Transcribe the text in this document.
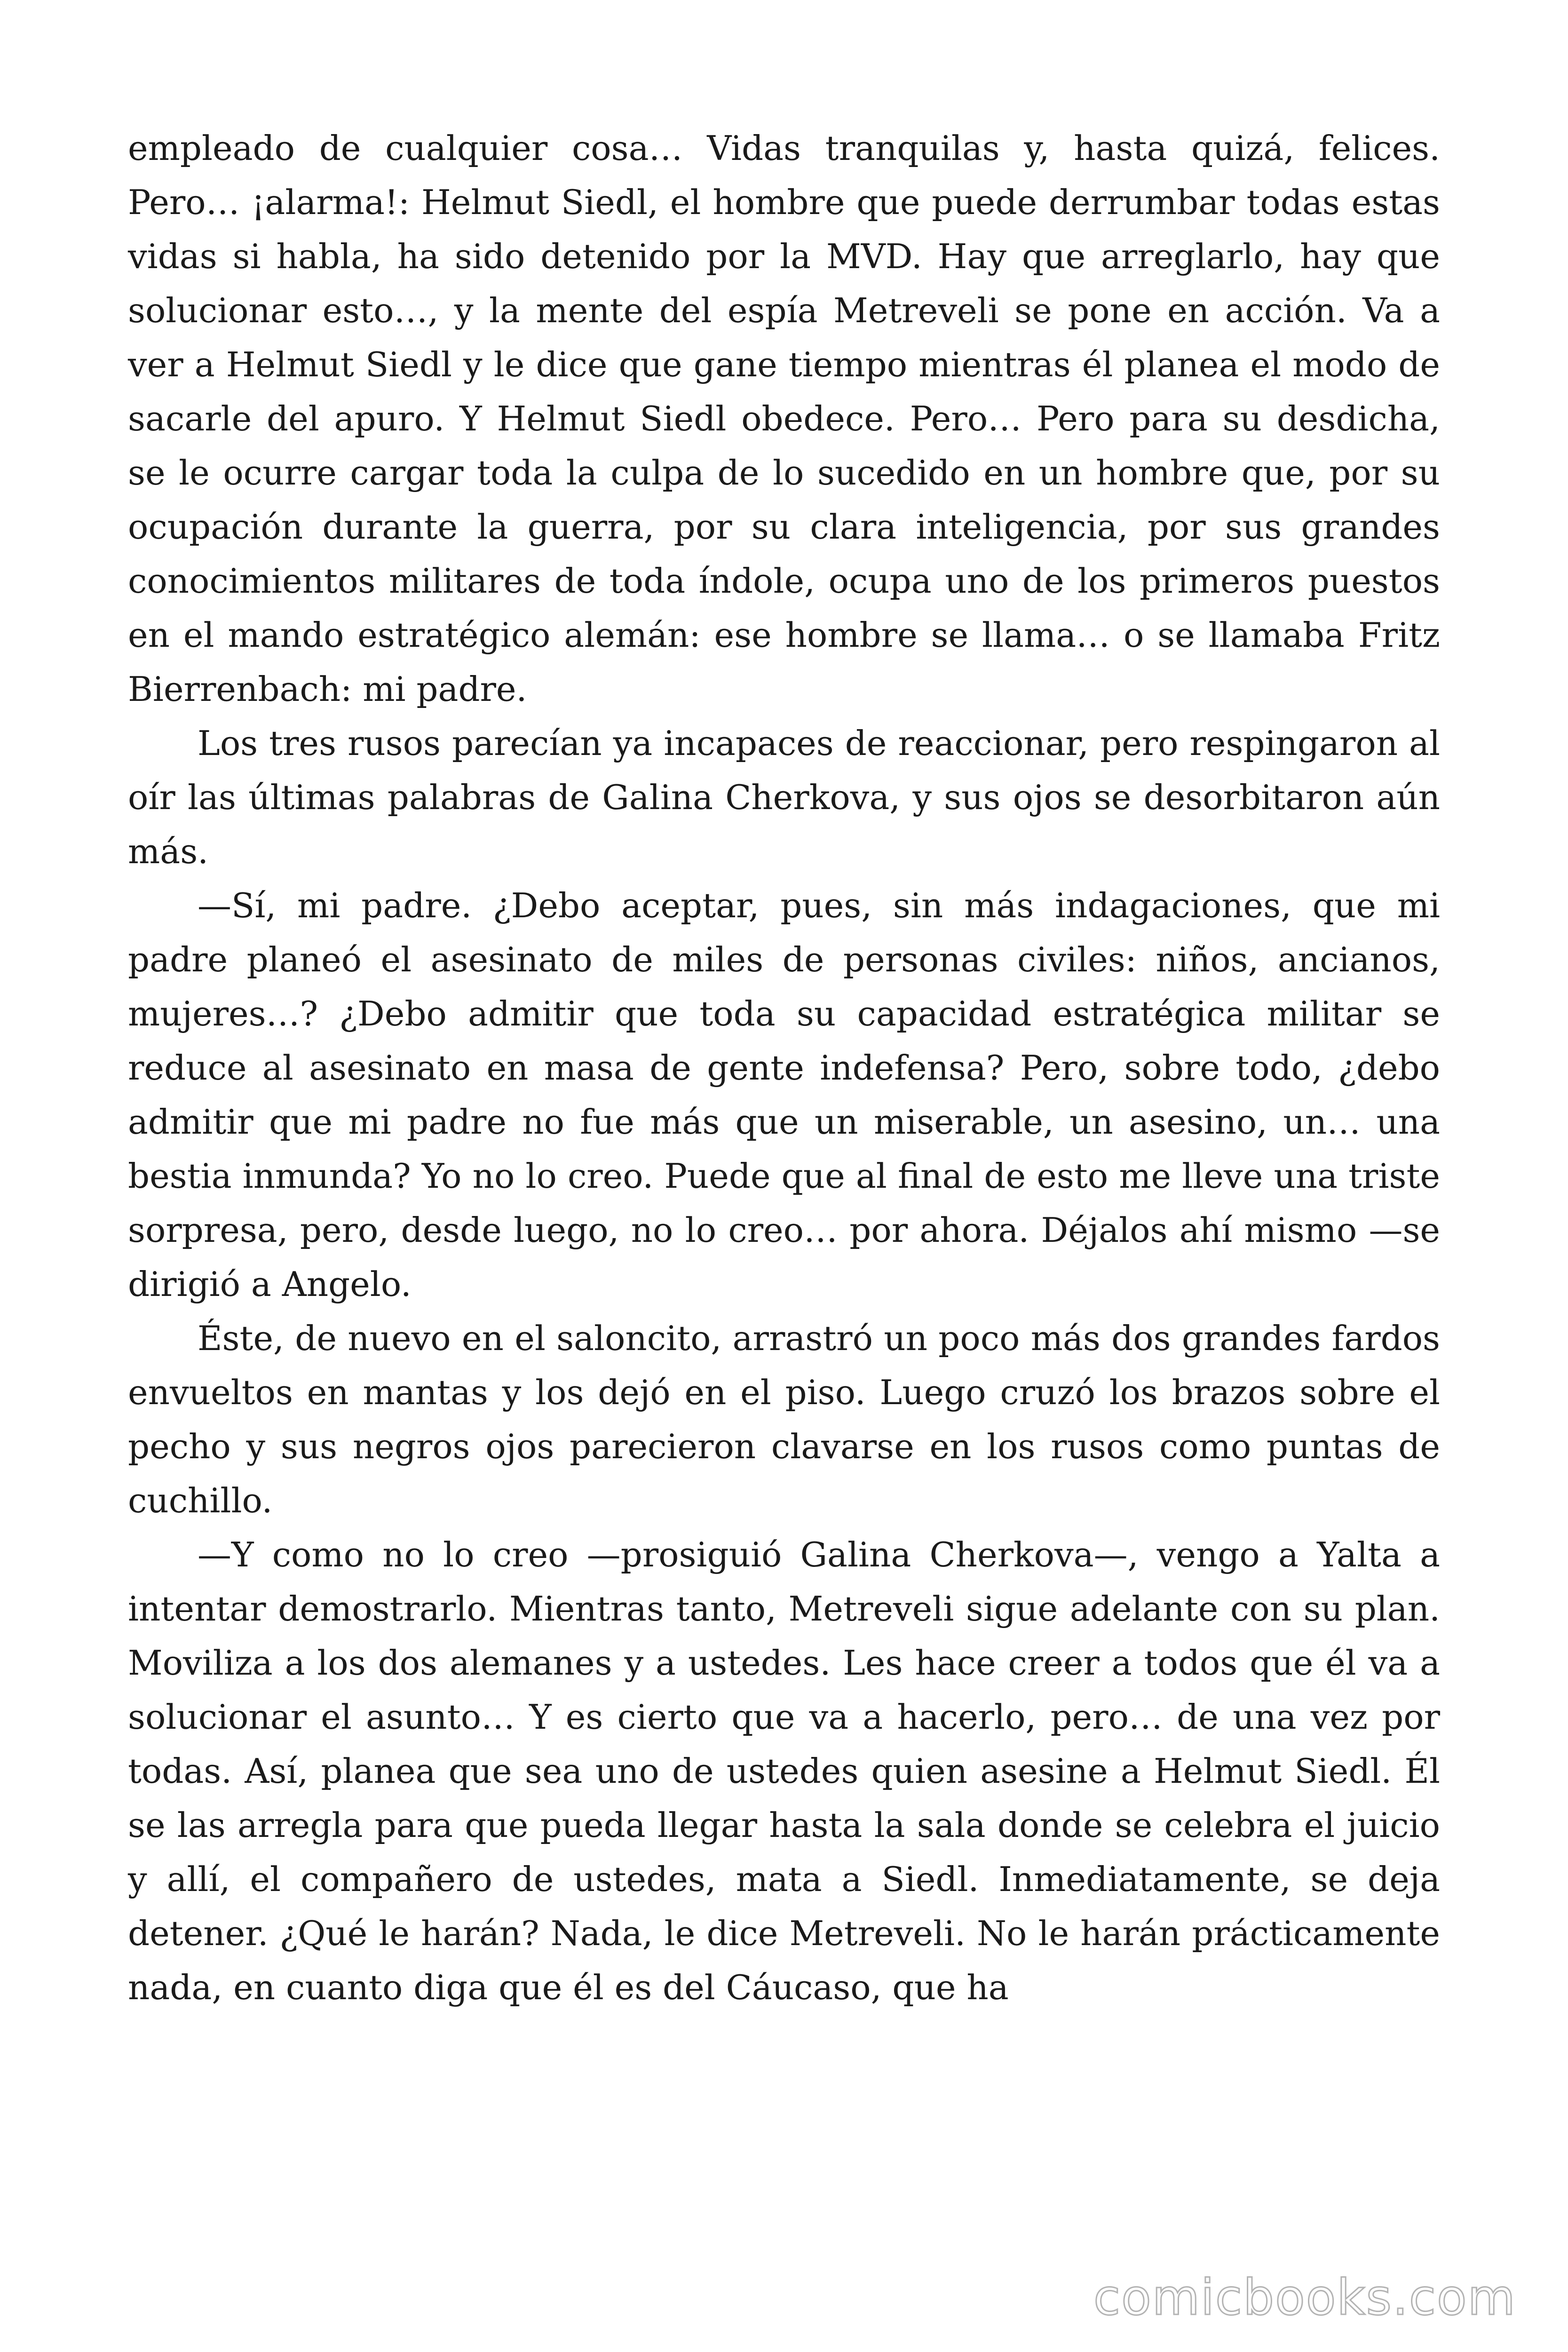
empleado de cualquier cosa… Vidas tranquilas y, hasta quizá, felices. Pero… ¡alarma!: Helmut Siedl, el hombre que puede derrumbar todas estas vidas si habla, ha sido detenido por la MVD. Hay que arreglarlo, hay que solucionar esto…, y la mente del espía Metreveli se pone en acción. Va a ver a Helmut Siedl y le dice que gane tiempo mientras él planea el modo de sacarle del apuro. Y Helmut Siedl obedece. Pero… Pero para su desdicha, se le ocurre cargar toda la culpa de lo sucedido en un hombre que, por su ocupación durante la guerra, por su clara inteligencia, por sus grandes conocimientos militares de toda índole, ocupa uno de los primeros puestos en el mando estratégico alemán: ese hombre se llama… o se llamaba Fritz Bierrenbach: mi padre.

Los tres rusos parecían ya incapaces de reaccionar, pero respingaron al oír las últimas palabras de Galina Cherkova, y sus ojos se desorbitaron aún más.

—Sí, mi padre. ¿Debo aceptar, pues, sin más indagaciones, que mi padre planeó el asesinato de miles de personas civiles: niños, ancianos, mujeres…? ¿Debo admitir que toda su capacidad estratégica militar se reduce al asesinato en masa de gente indefensa? Pero, sobre todo, ¿debo admitir que mi padre no fue más que un miserable, un asesino, un… una bestia inmunda? Yo no lo creo. Puede que al final de esto me lleve una triste sorpresa, pero, desde luego, no lo creo… por ahora. Déjalos ahí mismo —se dirigió a Angelo.

Éste, de nuevo en el saloncito, arrastró un poco más dos grandes fardos envueltos en mantas y los dejó en el piso. Luego cruzó los brazos sobre el pecho y sus negros ojos parecieron clavarse en los rusos como puntas de cuchillo.

—Y como no lo creo —prosiguió Galina Cherkova—, vengo a Yalta a intentar demostrarlo. Mientras tanto, Metreveli sigue adelante con su plan. Moviliza a los dos alemanes y a ustedes. Les hace creer a todos que él va a solucionar el asunto… Y es cierto que va a hacerlo, pero… de una vez por todas. Así, planea que sea uno de ustedes quien asesine a Helmut Siedl. Él se las arregla para que pueda llegar hasta la sala donde se celebra el juicio y allí, el compañero de ustedes, mata a Siedl. Inmediatamente, se deja detener. ¿Qué le harán? Nada, le dice Metreveli. No le harán prácticamente nada, en cuanto diga que él es del Cáucaso, que ha

comicbooks.com
